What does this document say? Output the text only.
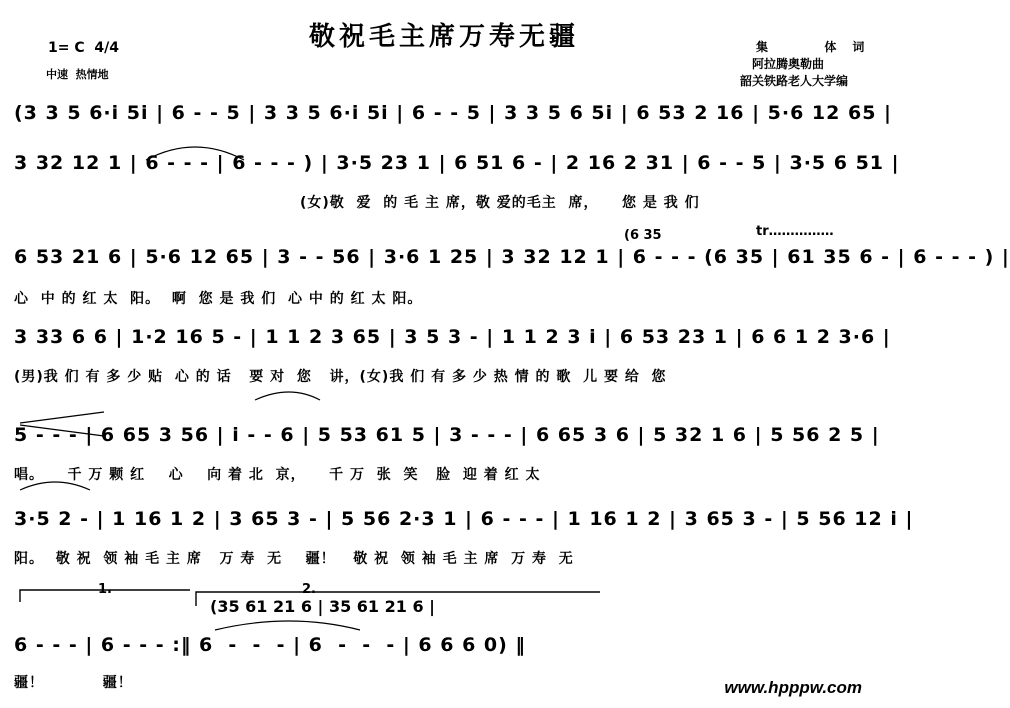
敬祝毛主席万寿无疆
1= C  4/4
中速  热情地
集  体词
阿拉腾奥勒曲
韶关铁路老人大学编
1.	2.
(35 61 21 6 | 35 61 21 6 |
tr……………
(6 35
(3 3 5 6·i 5i | 6 - - 5 | 3 3 5 6·i 5i | 6 - - 5 | 3 3 5 6 5i | 6 53 2 16 | 5·6 12 65 |
3 32 12 1 | 6 - - - | 6 - - - ) | 3·5 23 1 | 6 51 6 - | 2 16 2 31 | 6 - - 5 | 3·5 6 51 |
(女)敬  爱  的 毛 主 席，敬 爱的毛主  席，    您 是 我 们
6 53 21 6 | 5·6 12 65 | 3 - - 56 | 3·6 1 25 | 3 32 12 1 | 6 - - - (6 35 | 61 35 6 - | 6 - - - ) |
心  中 的 红 太  阳。  啊  您 是 我 们  心 中 的 红 太 阳。
3 33 6 6 | 1·2 16 5 - | 1 1 2 3 65 | 3 5 3 - | 1 1 2 3 i | 6 53 23 1 | 6 6 1 2 3·6 |
(男)我 们 有 多 少 贴  心 的 话   要 对  您   讲，(女)我 们 有 多 少 热 情 的 歌  儿 要 给  您
5 - - - | 6 65 3 56 | i - - 6 | 5 53 61 5 | 3 - - - | 6 65 3 6 | 5 32 1 6 | 5 56 2 5 |
唱。    千 万 颗 红    心    向 着 北  京，    千 万  张  笑   脸  迎 着 红 太
3·5 2 - | 1 16 1 2 | 3 65 3 - | 5 56 2·3 1 | 6 - - - | 1 16 1 2 | 3 65 3 - | 5 56 12 i |
阳。  敬 祝  领 袖 毛 主 席   万 寿  无    疆！   敬 祝  领 袖 毛 主 席  万 寿  无
6 - - - | 6 - - - :‖ 6  -  -  - | 6  -  -  - | 6 6 6 0) ‖
疆！          疆！	www.hpppw.com
